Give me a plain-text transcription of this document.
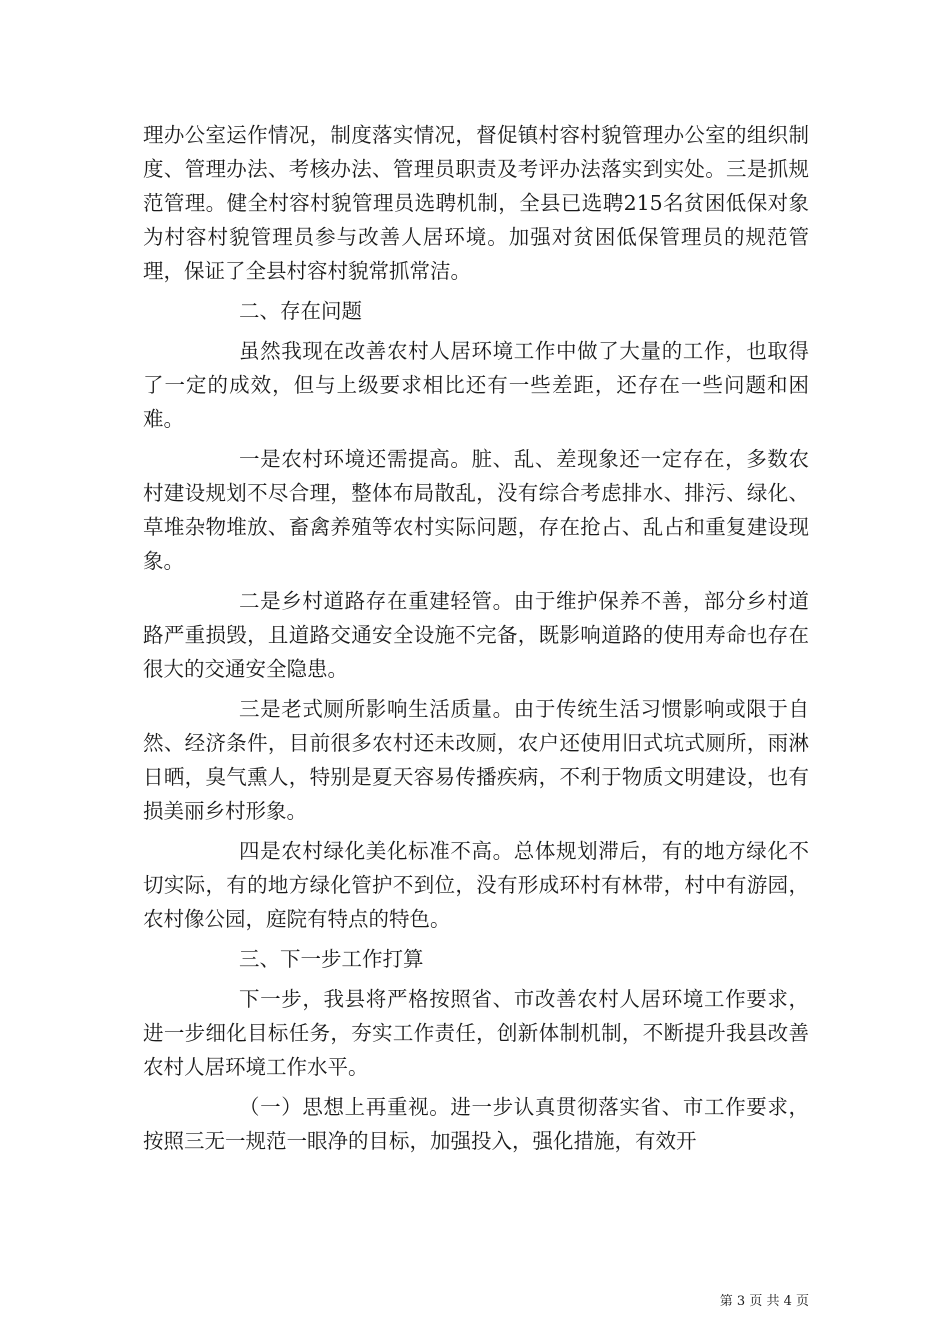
理办公室运作情况，制度落实情况，督促镇村容村貌管理办公室的组织制度、管理办法、考核办法、管理员职责及考评办法落实到实处。三是抓规范管理。健全村容村貌管理员选聘机制，全县已选聘215名贫困低保对象为村容村貌管理员参与改善人居环境。加强对贫困低保管理员的规范管理，保证了全县村容村貌常抓常洁。

二、存在问题

虽然我现在改善农村人居环境工作中做了大量的工作，也取得了一定的成效，但与上级要求相比还有一些差距，还存在一些问题和困难。

一是农村环境还需提高。脏、乱、差现象还一定存在，多数农村建设规划不尽合理，整体布局散乱，没有综合考虑排水、排污、绿化、草堆杂物堆放、畜禽养殖等农村实际问题，存在抢占、乱占和重复建设现象。

二是乡村道路存在重建轻管。由于维护保养不善，部分乡村道路严重损毁，且道路交通安全设施不完备，既影响道路的使用寿命也存在很大的交通安全隐患。

三是老式厕所影响生活质量。由于传统生活习惯影响或限于自然、经济条件，目前很多农村还未改厕，农户还使用旧式坑式厕所，雨淋日晒，臭气熏人，特别是夏天容易传播疾病，不利于物质文明建设，也有损美丽乡村形象。

四是农村绿化美化标准不高。总体规划滞后，有的地方绿化不切实际，有的地方绿化管护不到位，没有形成环村有林带，村中有游园，农村像公园，庭院有特点的特色。

三、下一步工作打算

下一步，我县将严格按照省、市改善农村人居环境工作要求，进一步细化目标任务，夯实工作责任，创新体制机制，不断提升我县改善农村人居环境工作水平。

（一）思想上再重视。进一步认真贯彻落实省、市工作要求，按照三无一规范一眼净的目标，加强投入，强化措施，有效开

第 3 页 共 4 页
